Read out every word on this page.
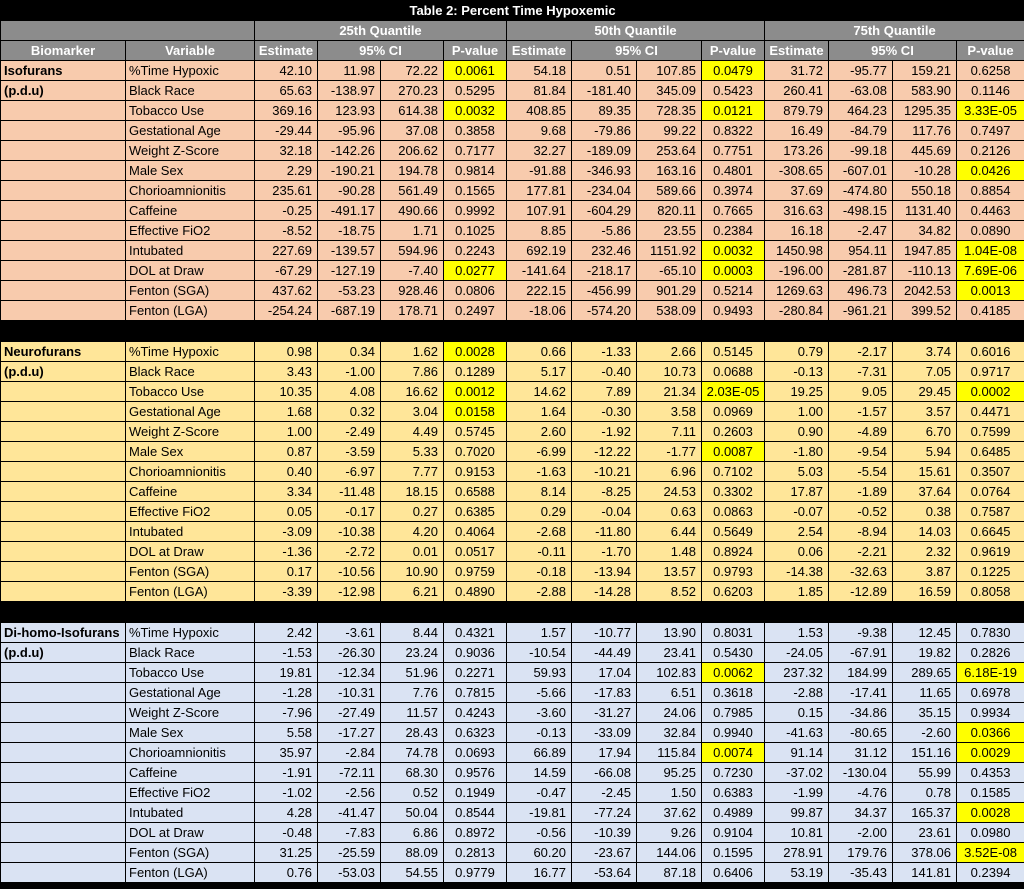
Table 2: Percent Time Hypoxemic													
		25th Quantile				50th Quantile				75th Quantile			
Biomarker	Variable	Estimate	95% CI		P-value	Estimate	95% CI		P-value	Estimate	95% CI		P-value
Isofurans	%Time Hypoxic	42.10	11.98	72.22	0.0061	54.18	0.51	107.85	0.0479	31.72	-95.77	159.21	0.6258
(p.d.u)	Black Race	65.63	-138.97	270.23	0.5295	81.84	-181.40	345.09	0.5423	260.41	-63.08	583.90	0.1146
	Tobacco Use	369.16	123.93	614.38	0.0032	408.85	89.35	728.35	0.0121	879.79	464.23	1295.35	3.33E-05
	Gestational Age	-29.44	-95.96	37.08	0.3858	9.68	-79.86	99.22	0.8322	16.49	-84.79	117.76	0.7497
	Weight Z-Score	32.18	-142.26	206.62	0.7177	32.27	-189.09	253.64	0.7751	173.26	-99.18	445.69	0.2126
	Male Sex	2.29	-190.21	194.78	0.9814	-91.88	-346.93	163.16	0.4801	-308.65	-607.01	-10.28	0.0426
	Chorioamnionitis	235.61	-90.28	561.49	0.1565	177.81	-234.04	589.66	0.3974	37.69	-474.80	550.18	0.8854
	Caffeine	-0.25	-491.17	490.66	0.9992	107.91	-604.29	820.11	0.7665	316.63	-498.15	1131.40	0.4463
	Effective FiO2	-8.52	-18.75	1.71	0.1025	8.85	-5.86	23.55	0.2384	16.18	-2.47	34.82	0.0890
	Intubated	227.69	-139.57	594.96	0.2243	692.19	232.46	1151.92	0.0032	1450.98	954.11	1947.85	1.04E-08
	DOL at Draw	-67.29	-127.19	-7.40	0.0277	-141.64	-218.17	-65.10	0.0003	-196.00	-281.87	-110.13	7.69E-06
	Fenton (SGA)	437.62	-53.23	928.46	0.0806	222.15	-456.99	901.29	0.5214	1269.63	496.73	2042.53	0.0013
	Fenton (LGA)	-254.24	-687.19	178.71	0.2497	-18.06	-574.20	538.09	0.9493	-280.84	-961.21	399.52	0.4185

Neurofurans	%Time Hypoxic	0.98	0.34	1.62	0.0028	0.66	-1.33	2.66	0.5145	0.79	-2.17	3.74	0.6016
(p.d.u)	Black Race	3.43	-1.00	7.86	0.1289	5.17	-0.40	10.73	0.0688	-0.13	-7.31	7.05	0.9717
	Tobacco Use	10.35	4.08	16.62	0.0012	14.62	7.89	21.34	2.03E-05	19.25	9.05	29.45	0.0002
	Gestational Age	1.68	0.32	3.04	0.0158	1.64	-0.30	3.58	0.0969	1.00	-1.57	3.57	0.4471
	Weight Z-Score	1.00	-2.49	4.49	0.5745	2.60	-1.92	7.11	0.2603	0.90	-4.89	6.70	0.7599
	Male Sex	0.87	-3.59	5.33	0.7020	-6.99	-12.22	-1.77	0.0087	-1.80	-9.54	5.94	0.6485
	Chorioamnionitis	0.40	-6.97	7.77	0.9153	-1.63	-10.21	6.96	0.7102	5.03	-5.54	15.61	0.3507
	Caffeine	3.34	-11.48	18.15	0.6588	8.14	-8.25	24.53	0.3302	17.87	-1.89	37.64	0.0764
	Effective FiO2	0.05	-0.17	0.27	0.6385	0.29	-0.04	0.63	0.0863	-0.07	-0.52	0.38	0.7587
	Intubated	-3.09	-10.38	4.20	0.4064	-2.68	-11.80	6.44	0.5649	2.54	-8.94	14.03	0.6645
	DOL at Draw	-1.36	-2.72	0.01	0.0517	-0.11	-1.70	1.48	0.8924	0.06	-2.21	2.32	0.9619
	Fenton (SGA)	0.17	-10.56	10.90	0.9759	-0.18	-13.94	13.57	0.9793	-14.38	-32.63	3.87	0.1225
	Fenton (LGA)	-3.39	-12.98	6.21	0.4890	-2.88	-14.28	8.52	0.6203	1.85	-12.89	16.59	0.8058

Di-homo-Isofurans	%Time Hypoxic	2.42	-3.61	8.44	0.4321	1.57	-10.77	13.90	0.8031	1.53	-9.38	12.45	0.7830
(p.d.u)	Black Race	-1.53	-26.30	23.24	0.9036	-10.54	-44.49	23.41	0.5430	-24.05	-67.91	19.82	0.2826
	Tobacco Use	19.81	-12.34	51.96	0.2271	59.93	17.04	102.83	0.0062	237.32	184.99	289.65	6.18E-19
	Gestational Age	-1.28	-10.31	7.76	0.7815	-5.66	-17.83	6.51	0.3618	-2.88	-17.41	11.65	0.6978
	Weight Z-Score	-7.96	-27.49	11.57	0.4243	-3.60	-31.27	24.06	0.7985	0.15	-34.86	35.15	0.9934
	Male Sex	5.58	-17.27	28.43	0.6323	-0.13	-33.09	32.84	0.9940	-41.63	-80.65	-2.60	0.0366
	Chorioamnionitis	35.97	-2.84	74.78	0.0693	66.89	17.94	115.84	0.0074	91.14	31.12	151.16	0.0029
	Caffeine	-1.91	-72.11	68.30	0.9576	14.59	-66.08	95.25	0.7230	-37.02	-130.04	55.99	0.4353
	Effective FiO2	-1.02	-2.56	0.52	0.1949	-0.47	-2.45	1.50	0.6383	-1.99	-4.76	0.78	0.1585
	Intubated	4.28	-41.47	50.04	0.8544	-19.81	-77.24	37.62	0.4989	99.87	34.37	165.37	0.0028
	DOL at Draw	-0.48	-7.83	6.86	0.8972	-0.56	-10.39	9.26	0.9104	10.81	-2.00	23.61	0.0980
	Fenton (SGA)	31.25	-25.59	88.09	0.2813	60.20	-23.67	144.06	0.1595	278.91	179.76	378.06	3.52E-08
	Fenton (LGA)	0.76	-53.03	54.55	0.9779	16.77	-53.64	87.18	0.6406	53.19	-35.43	141.81	0.2394
